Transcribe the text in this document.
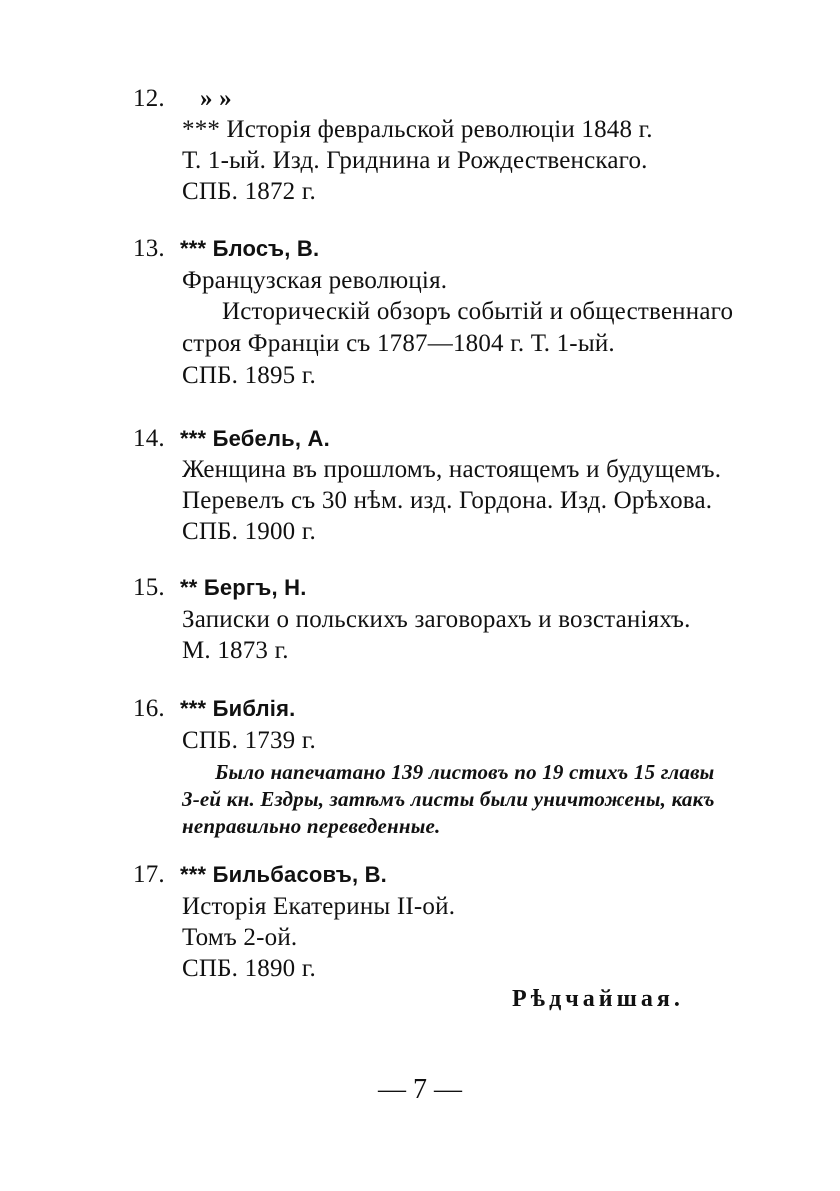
12. » »
*** Исторія февральской революціи 1848 г.
Т. 1-ый. Изд. Гриднина и Рождественскаго.
СПБ. 1872 г.
13. *** Блосъ, В.
Французская революція.
Историческій обзоръ событій и общественнаго
строя Франціи съ 1787—1804 г. Т. 1-ый.
СПБ. 1895 г.
14. *** Бебель, А.
Женщина въ прошломъ, настоящемъ и будущемъ.
Перевелъ съ 30 нѣм. изд. Гордона. Изд. Орѣхова.
СПБ. 1900 г.
15. ** Бергъ, Н.
Записки о польскихъ заговорахъ и возстаніяхъ.
М. 1873 г.
16. *** Библія.
СПБ. 1739 г.
Было напечатано 139 листовъ по 19 стихъ 15 главы
3-ей кн. Ездры, затѣмъ листы были уничтожены, какъ
неправильно переведенные.
17. *** Бильбасовъ, В.
Исторія Екатерины II-ой.
Томъ 2-ой.
СПБ. 1890 г.
Рѣдчайшая.
— 7 —
